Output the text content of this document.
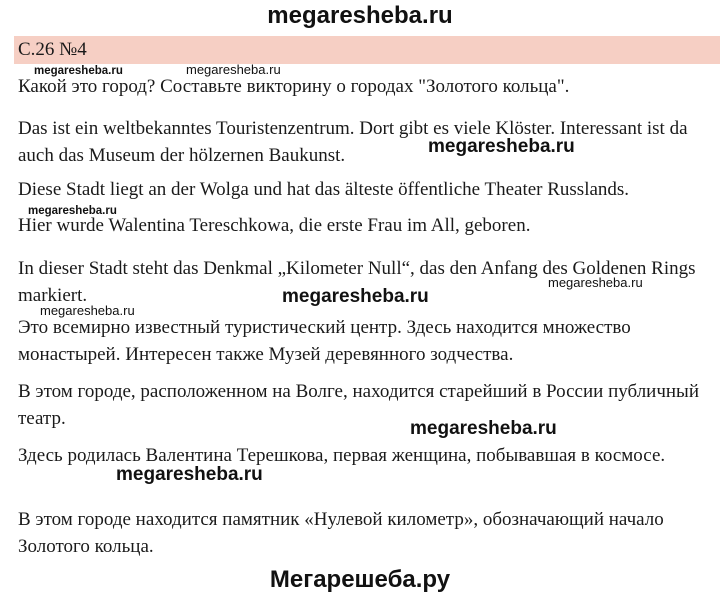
megaresheba.ru
С.26 №4

Какой это город? Составьте викторину о городах "Золотого кольца".

Das ist ein weltbekanntes Touristenzentrum. Dort gibt es viele Klöster. Interessant ist da auch das Museum der hölzernen Baukunst.

Diese Stadt liegt an der Wolga und hat das älteste öffentliche Theater Russlands.

Hier wurde Walentina Tereschkowa, die erste Frau im All, geboren.

In dieser Stadt steht das Denkmal „Kilometer Null“, das den Anfang des Goldenen Rings markiert.

Это всемирно известный туристический центр. Здесь находится множество монастырей. Интересен также Музей деревянного зодчества.

В этом городе, расположенном на Волге, находится старейший в России публичный театр.

Здесь родилась Валентина Терешкова, первая женщина, побывавшая в космосе.

В этом городе находится памятник «Нулевой километр», обозначающий начало Золотого кольца.

megaresheba.ru	megaresheba.ru
megaresheba.ru
megaresheba.ru
megaresheba.ru
megaresheba.ru
megaresheba.ru
megaresheba.ru
megaresheba.ru
Мегарешеба.ру
